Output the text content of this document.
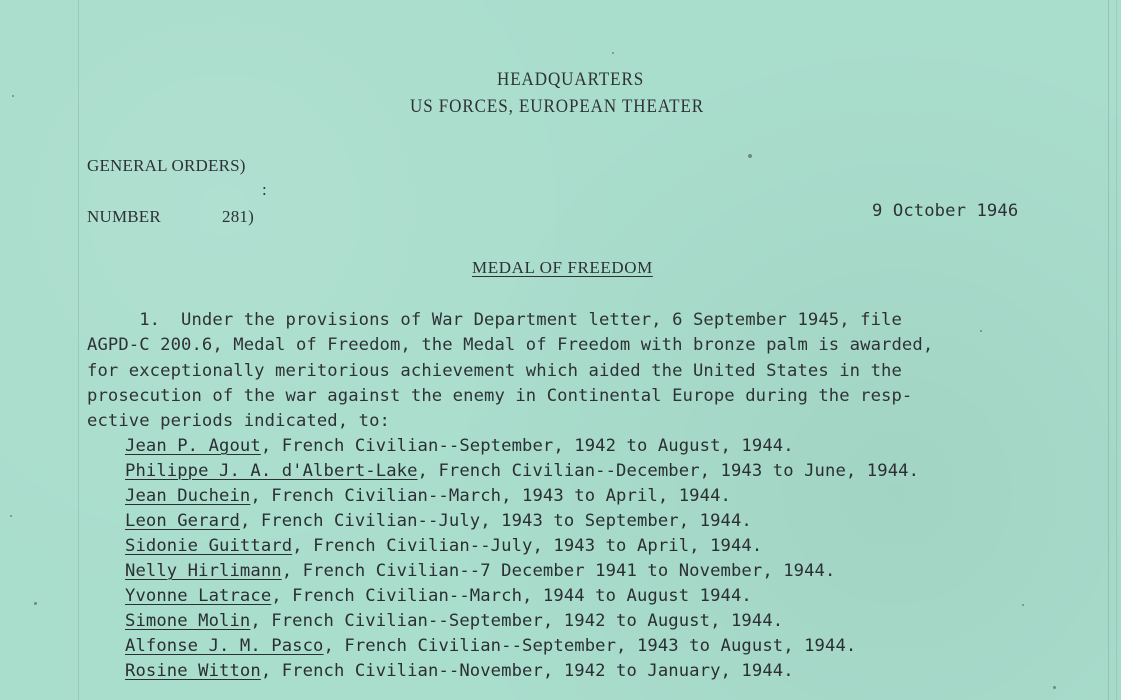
HEADQUARTERS
US FORCES, EUROPEAN THEATER
GENERAL ORDERS)
:
NUMBER	281)	9 October 1946
MEDAL OF FREEDOM
1.  Under the provisions of War Department letter, 6 September 1945, file
AGPD-C 200.6, Medal of Freedom, the Medal of Freedom with bronze palm is awarded,
for exceptionally meritorious achievement which aided the United States in the
prosecution of the war against the enemy in Continental Europe during the resp-
ective periods indicated, to:
Jean P. Agout, French Civilian--September, 1942 to August, 1944.
Philippe J. A. d'Albert-Lake, French Civilian--December, 1943 to June, 1944.
Jean Duchein, French Civilian--March, 1943 to April, 1944.
Leon Gerard, French Civilian--July, 1943 to September, 1944.
Sidonie Guittard, French Civilian--July, 1943 to April, 1944.
Nelly Hirlimann, French Civilian--7 December 1941 to November, 1944.
Yvonne Latrace, French Civilian--March, 1944 to August 1944.
Simone Molin, French Civilian--September, 1942 to August, 1944.
Alfonse J. M. Pasco, French Civilian--September, 1943 to August, 1944.
Rosine Witton, French Civilian--November, 1942 to January, 1944.
